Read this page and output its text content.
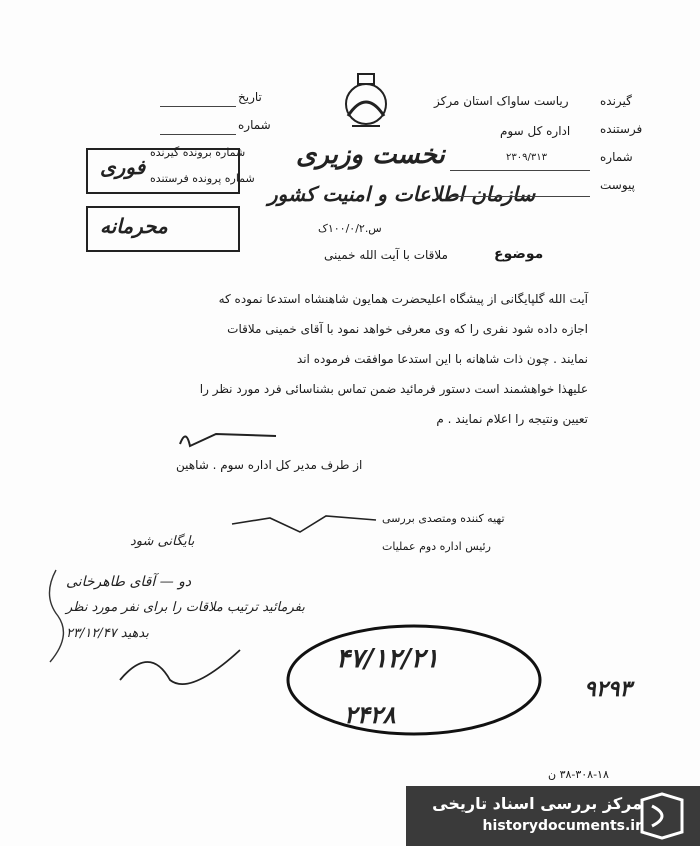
نخست وزیری
سازمان اطلاعات و امنیت کشور
س.۱۰۰/۰/۲ک
تاریخ
شماره
شماره برونده گیرنده
شماره پرونده فرستنده
فوری
محرمانه
گیرنده
ریاست ساواک استان مرکز
فرستنده
اداره کل سوم
شماره
۲۳۰۹/۳۱۳
پیوست
موضوع
ملاقات با آیت الله خمینی
آیت الله گلپایگانی از پیشگاه اعلیحضرت همایون شاهنشاه استدعا نموده که
اجازه داده شود نفری را که وی معرفی خواهد نمود با آقای خمینی ملاقات
نمایند . چون ذات شاهانه با این استدعا موافقت فرموده اند
علیهذا خواهشمند است دستور فرمائید ضمن تماس بشناسائی فرد مورد نظر را
تعیین ونتیجه را اعلام نمایند . م
از طرف مدیر کل اداره سوم . شاهین
تهیه کننده ومتصدی بررسی
رئیس اداره دوم عملیات
بایگانی شود
دو — آقای طاهرخانی
بفرمائید ترتیب ملاقات را برای نفر مورد نظر
بدهید ۲۳/۱۲/۴۷
۴۷/۱۲/۲۱
۲۴۲۸
۹۲۹۳
۳۸-۳۰۸-۱۸ ن
مرکز بررسی اسناد تاریخی
historydocuments.ir
